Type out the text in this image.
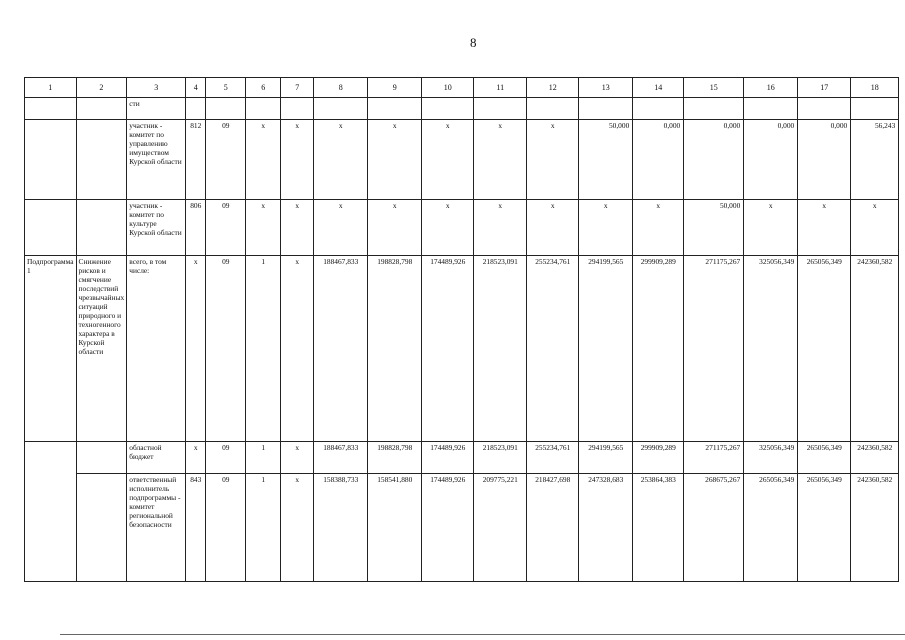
8
1	2	3	4	5	6	7	8	9	10	11	12	13	14	15	16	17	18
		сти															
		участник - комитет по управлению имуществом Курской области	812	09	х	х	х	х	х	х	х	50,000	0,000	0,000	0,000	0,000	56,243
		участник - комитет по культуре Курской области	806	09	х	х	х	х	х	х	х	х	х	50,000	х	х	х
Подпрограмма 1	Снижение рисков и смягчение последствий чрезвычайных ситуаций природного и техногенного характера в Курской области	всего, в том числе:	х	09	1	х	188467,833	198828,798	174489,926	218523,091	255234,761	294199,565	299909,289	271175,267	325056,349	265056,349	242360,582
		областной бюджет	х	09	1	х	188467,833	198828,798	174489,926	218523,091	255234,761	294199,565	299909,289	271175,267	325056,349	265056,349	242360,582
		ответственный исполнитель подпрограммы - комитет региональной безопасности	843	09	1	х	158388,733	158541,880	174489,926	209775,221	218427,698	247328,683	253864,383	268675,267	265056,349	265056,349	242360,582
